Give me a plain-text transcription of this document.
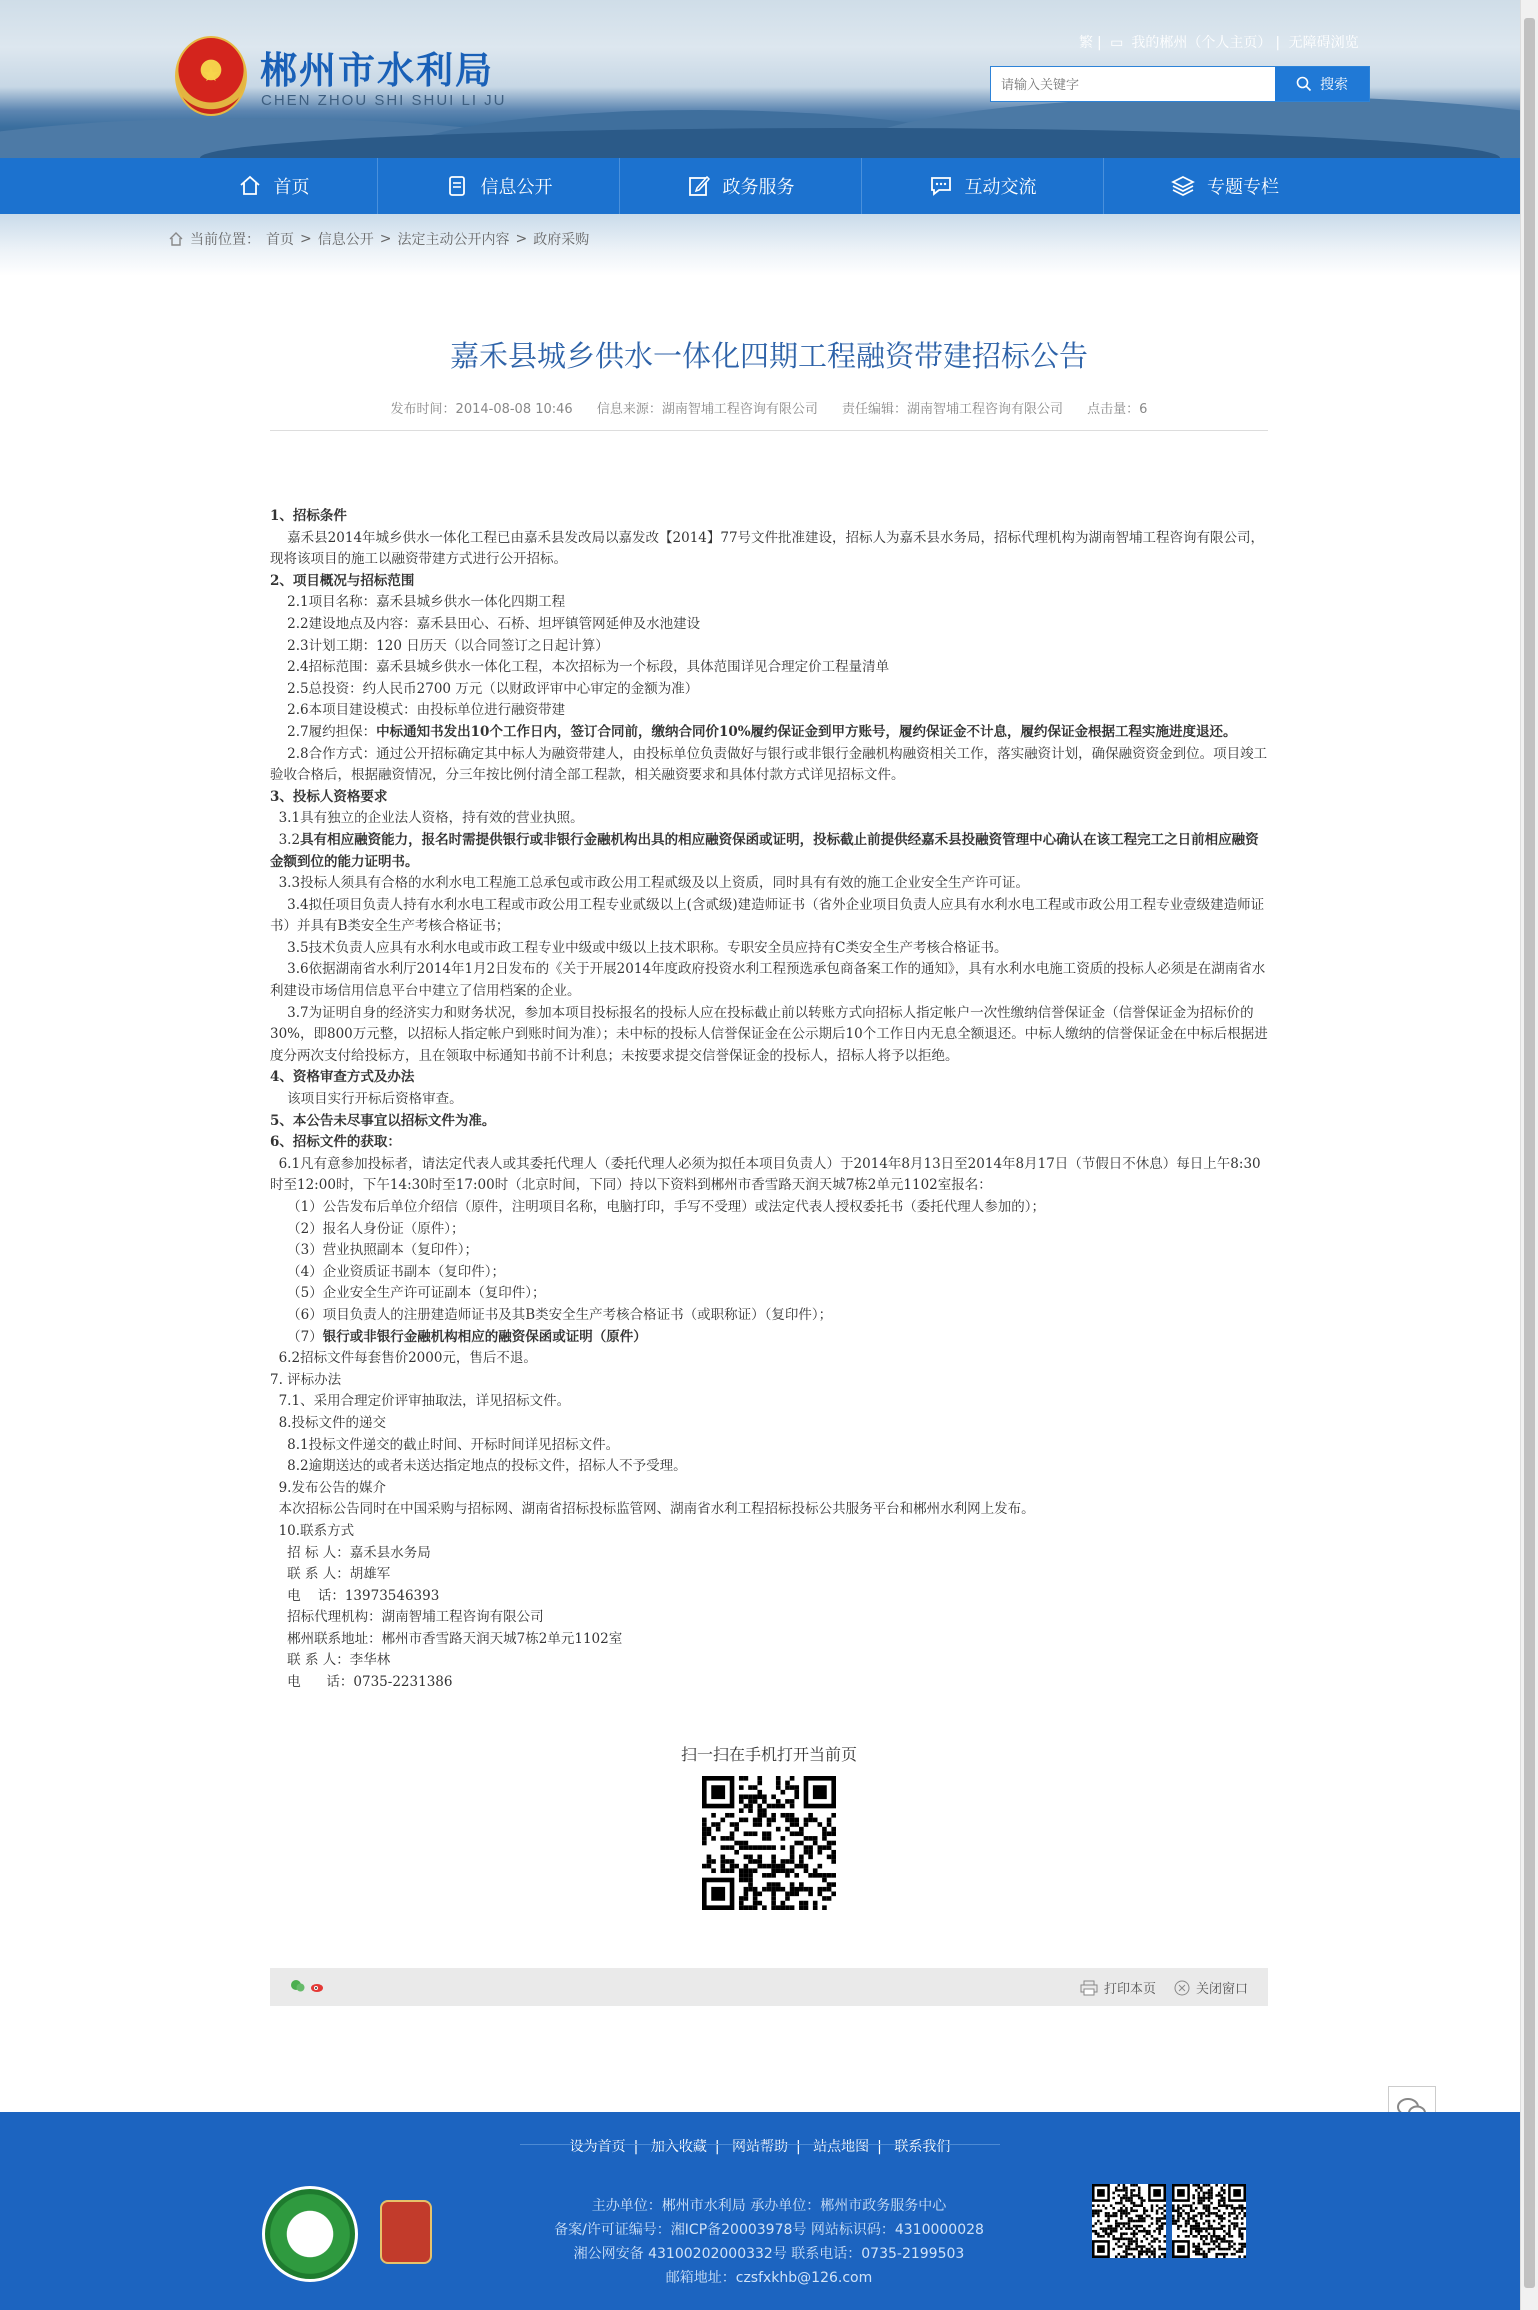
★	郴州市水利局
CHEN ZHOU SHI SHUI LI JU
繁 | ▭ 我的郴州（个人主页） | 无障碍浏览
请输入关键字
搜索
首页	信息公开	政务服务	互动交流	专题专栏
当前位置： 首页 > 信息公开 > 法定主动公开内容 > 政府采购
嘉禾县城乡供水一体化四期工程融资带建招标公告
发布时间：2014-08-08 10:46 信息来源：湖南智埔工程咨询有限公司 责任编辑：湖南智埔工程咨询有限公司 点击量：6

1、招标条件

嘉禾县2014年城乡供水一体化工程已由嘉禾县发改局以嘉发改【2014】77号文件批准建设，招标人为嘉禾县水务局，招标代理机构为湖南智埔工程咨询有限公司，现将该项目的施工以融资带建方式进行公开招标。

2、项目概况与招标范围

2.1项目名称：嘉禾县城乡供水一体化四期工程

2.2建设地点及内容：嘉禾县田心、石桥、坦坪镇管网延伸及水池建设

2.3计划工期：120 日历天（以合同签订之日起计算）

2.4招标范围：嘉禾县城乡供水一体化工程，本次招标为一个标段，具体范围详见合理定价工程量清单

2.5总投资：约人民币2700 万元（以财政评审中心审定的金额为准）

2.6本项目建设模式：由投标单位进行融资带建

2.7履约担保：中标通知书发出10个工作日内，签订合同前，缴纳合同价10%履约保证金到甲方账号，履约保证金不计息，履约保证金根据工程实施进度退还。

2.8合作方式：通过公开招标确定其中标人为融资带建人，由投标单位负责做好与银行或非银行金融机构融资相关工作，落实融资计划，确保融资资金到位。项目竣工验收合格后，根据融资情况，分三年按比例付清全部工程款，相关融资要求和具体付款方式详见招标文件。

3、投标人资格要求

3.1具有独立的企业法人资格，持有效的营业执照。

3.2具有相应融资能力，报名时需提供银行或非银行金融机构出具的相应融资保函或证明，投标截止前提供经嘉禾县投融资管理中心确认在该工程完工之日前相应融资金额到位的能力证明书。

3.3投标人须具有合格的水利水电工程施工总承包或市政公用工程贰级及以上资质，同时具有有效的施工企业安全生产许可证。

3.4拟任项目负责人持有水利水电工程或市政公用工程专业贰级以上(含贰级)建造师证书（省外企业项目负责人应具有水利水电工程或市政公用工程专业壹级建造师证书）并具有B类安全生产考核合格证书；

3.5技术负责人应具有水利水电或市政工程专业中级或中级以上技术职称。专职安全员应持有C类安全生产考核合格证书。

3.6依据湖南省水利厅2014年1月2日发布的《关于开展2014年度政府投资水利工程预选承包商备案工作的通知》，具有水利水电施工资质的投标人必须是在湖南省水利建设市场信用信息平台中建立了信用档案的企业。

3.7为证明自身的经济实力和财务状况，参加本项目投标报名的投标人应在投标截止前以转账方式向招标人指定帐户一次性缴纳信誉保证金（信誉保证金为招标价的30%，即800万元整，以招标人指定帐户到账时间为准）；未中标的投标人信誉保证金在公示期后10个工作日内无息全额退还。中标人缴纳的信誉保证金在中标后根据进度分两次支付给投标方，且在领取中标通知书前不计利息；未按要求提交信誉保证金的投标人，招标人将予以拒绝。

4、资格审查方式及办法

该项目实行开标后资格审查。

5、本公告未尽事宜以招标文件为准。

6、招标文件的获取：

6.1凡有意参加投标者，请法定代表人或其委托代理人（委托代理人必须为拟任本项目负责人）于2014年8月13日至2014年8月17日（节假日不休息）每日上午8:30时至12:00时，下午14:30时至17:00时（北京时间，下同）持以下资料到郴州市香雪路天润天城7栋2单元1102室报名：

（1）公告发布后单位介绍信（原件，注明项目名称，电脑打印，手写不受理）或法定代表人授权委托书（委托代理人参加的）；

（2）报名人身份证（原件）；

（3）营业执照副本（复印件）；

（4）企业资质证书副本（复印件）；

（5）企业安全生产许可证副本（复印件）；

（6）项目负责人的注册建造师证书及其B类安全生产考核合格证书（或职称证）（复印件）；

（7）银行或非银行金融机构相应的融资保函或证明（原件）

6.2招标文件每套售价2000元，售后不退。

7. 评标办法

7.1、采用合理定价评审抽取法，详见招标文件。

8.投标文件的递交

8.1投标文件递交的截止时间、开标时间详见招标文件。

8.2逾期送达的或者未送达指定地点的投标文件，招标人不予受理。

9.发布公告的媒介

本次招标公告同时在中国采购与招标网、湖南省招标投标监管网、湖南省水利工程招标投标公共服务平台和郴州水利网上发布。

10.联系方式

招 标 人：嘉禾县水务局

联 系 人：胡雄军

电    话：13973546393

招标代理机构：湖南智埔工程咨询有限公司

郴州联系地址：郴州市香雪路天润天城7栋2单元1102室

联 系 人：李华林

电      话：0735-2231386

扫一扫在手机打开当前页
打印本页	关闭窗口
设为首页 | 加入收藏 | 网站帮助 | 站点地图 | 联系我们

主办单位：郴州市水利局 承办单位：郴州市政务服务中心

备案/许可证编号：湘ICP备20003978号 网站标识码：4310000028

湘公网安备 43100202000332号 联系电话：0735-2199503

邮箱地址：czsfxkhb@126.com
